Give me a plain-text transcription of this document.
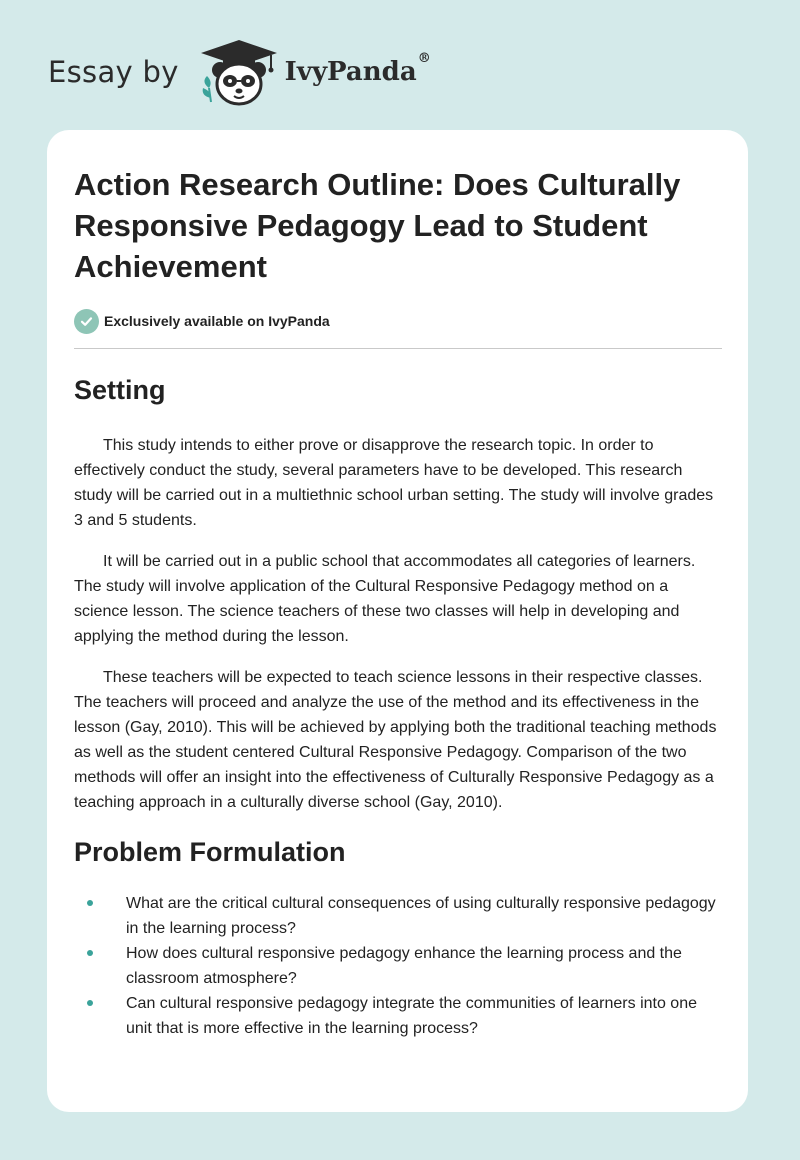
Essay by	IvyPanda®
Action Research Outline: Does Culturally Responsive Pedagogy Lead to Student Achievement
Exclusively available on IvyPanda
Setting

This study intends to either prove or disapprove the research topic. In order to effectively conduct the study, several parameters have to be developed. This research study will be carried out in a multiethnic school urban setting. The study will involve grades 3 and 5 students.

It will be carried out in a public school that accommodates all categories of learners. The study will involve application of the Cultural Responsive Pedagogy method on a science lesson. The science teachers of these two classes will help in developing and applying the method during the lesson.

These teachers will be expected to teach science lessons in their respective classes. The teachers will proceed and analyze the use of the method and its effectiveness in the lesson (Gay, 2010). This will be achieved by applying both the traditional teaching methods as well as the student centered Cultural Responsive Pedagogy. Comparison of the two methods will offer an insight into the effectiveness of Culturally Responsive Pedagogy as a teaching approach in a culturally diverse school (Gay, 2010).

Problem Formulation
What are the critical cultural consequences of using culturally responsive pedagogy in the learning process?
How does cultural responsive pedagogy enhance the learning process and the classroom atmosphere?
Can cultural responsive pedagogy integrate the communities of learners into one unit that is more effective in the learning process?
